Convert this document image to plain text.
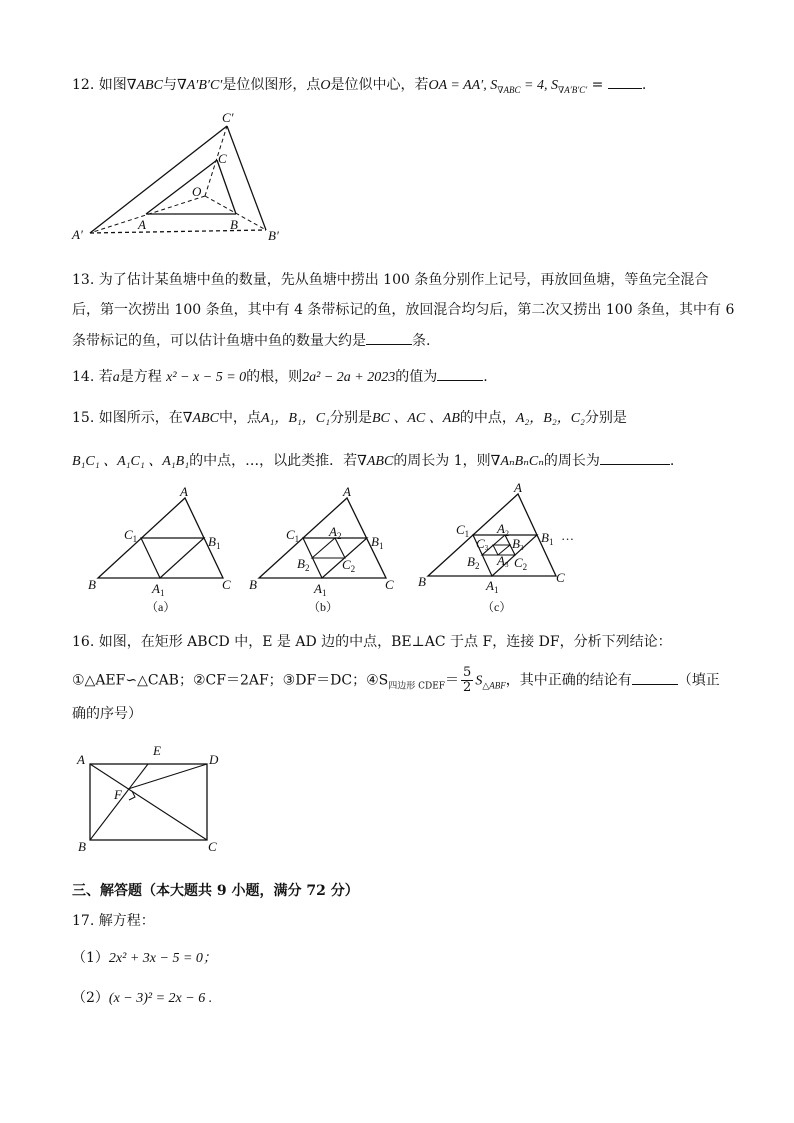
12. 如图∇ABC与∇A′B′C′是位似图形，点O是位似中心，若OA = AA′, $S_{\nabla ABC} = 4$, $S_{\nabla A'B'C'}$ =	.
C′
C
O
A′
A	B
B′
13. 为了估计某鱼塘中鱼的数量，先从鱼塘中捞出 100 条鱼分别作上记号，再放回鱼塘，等鱼完全混合
后，第一次捞出 100 条鱼，其中有 4 条带标记的鱼，放回混合均匀后，第二次又捞出 100 条鱼，其中有 6
条带标记的鱼，可以估计鱼塘中鱼的数量大约是	条.
14. 若a是方程 x² − x − 5 = 0的根，则2a² − 2a + 2023的值为	.
15. 如图所示，在∇ABC中，点A₁，B₁，C₁分别是BC 、AC 、AB的中点，A₂，B₂，C₂分别是
B₁C₁ 、A₁C₁ 、A₁B₁的中点，…，以此类推．若∇ABC的周长为 1，则∇AₙBₙCₙ的周长为	.
A
$C_1$	$B_1$
B	C
$A_1$
（a）
A
$C_1$ $A_2$ $B_1$
$B_2$	$C_2$
B	C
$A_1$
（b）
A
$C_1$ $A_2$ $B_1$ …
C3 B3
A3
$B_2$	$C_2$
B	C
$A_1$
（c）
16. 如图，在矩形 ABCD 中，E 是 AD 边的中点，BE⊥AC 于点 F，连接 DF，分析下列结论：
①△AEF∽△CAB；②CF＝2AF；③DF＝DC；$④S_{四边形 CDEF}= \frac{5}{2} S_{\triangle ABF}$，其中正确的结论有	（填正
确的序号）
A
E
D
F
B	C
三、解答题（本大题共 9 小题，满分 72 分）
17. 解方程：
（1）2x² + 3x − 5 = 0；
（2）(x − 3)² = 2x − 6 .
